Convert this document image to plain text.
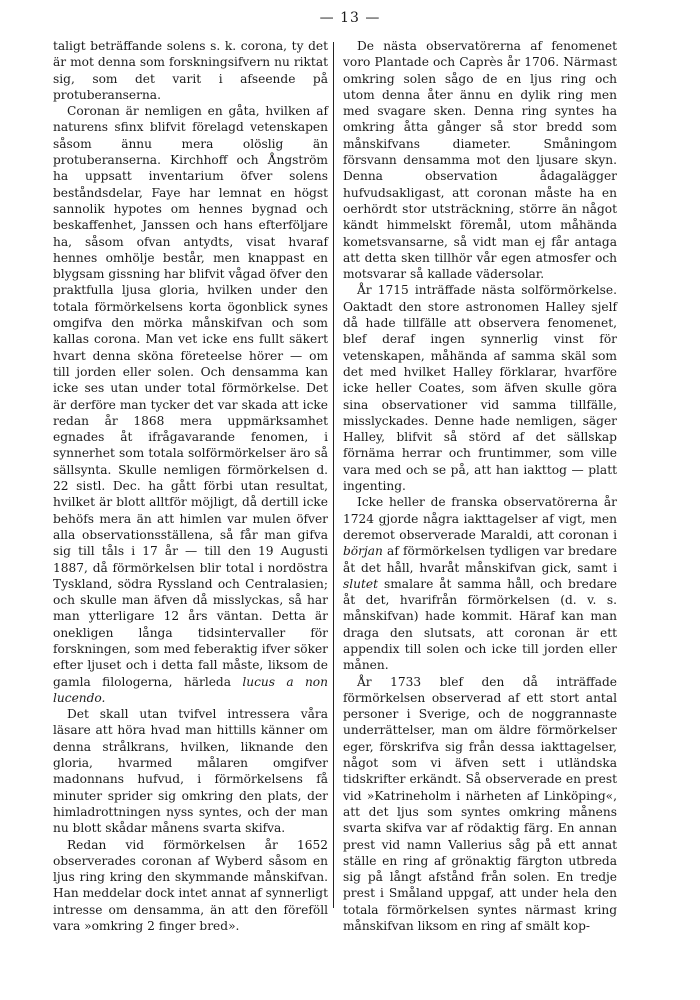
— 13 —

taligt beträffande solens s. k. corona, ty det är mot denna som forskningsifvern nu riktat sig, som det varit i afseende på protuberanserna.

Coronan är nemligen en gåta, hvilken af naturens sfinx blifvit förelagd vetenskapen såsom ännu mera olöslig än protuberanserna. Kirchhoff och Ångström ha uppsatt inventarium öfver solens beståndsdelar, Faye har lemnat en högst sannolik hypotes om hennes bygnad och beskaffenhet, Janssen och hans efterföljare ha, såsom ofvan antydts, visat hvaraf hennes omhölje består, men knappast en blygsam gissning har blifvit vågad öfver den praktfulla ljusa gloria, hvilken under den totala förmörkelsens korta ögonblick synes omgifva den mörka månskifvan och som kallas corona. Man vet icke ens fullt säkert hvart denna sköna företeelse hörer — om till jorden eller solen. Och densamma kan icke ses utan under total förmörkelse. Det är derföre man tycker det var skada att icke redan år 1868 mera uppmärksamhet egnades åt ifrågavarande fenomen, i synnerhet som totala solförmörkelser äro så sällsynta. Skulle nemligen förmörkelsen d. 22 sistl. Dec. ha gått förbi utan resultat, hvilket är blott alltför möjligt, då dertill icke behöfs mera än att himlen var mulen öfver alla observationsställena, så får man gifva sig till tåls i 17 år — till den 19 Augusti 1887, då förmörkelsen blir total i nordöstra Tyskland, södra Ryssland och Centralasien; och skulle man äfven då misslyckas, så har man ytterligare 12 års väntan. Detta är onekligen långa tidsintervaller för forskningen, som med feberaktig ifver söker efter ljuset och i detta fall måste, liksom de gamla filologerna, härleda lucus a non lucendo.

Det skall utan tvifvel intressera våra läsare att höra hvad man hittills känner om denna strålkrans, hvilken, liknande den gloria, hvarmed målaren omgifver madonnans hufvud, i förmörkelsens få minuter sprider sig omkring den plats, der himladrottningen nyss syntes, och der man nu blott skådar månens svarta skifva.

Redan vid förmörkelsen år 1652 observerades coronan af Wyberd såsom en ljus ring kring den skymmande månskifvan. Han meddelar dock intet annat af synnerligt intresse om densamma, än att den föreföll vara »omkring 2 finger bred».

De nästa observatörerna af fenomenet voro Plantade och Caprès år 1706. Närmast omkring solen sågo de en ljus ring och utom denna åter ännu en dylik ring men med svagare sken. Denna ring syntes ha omkring åtta gånger så stor bredd som månskifvans diameter. Småningom försvann densamma mot den ljusare skyn. Denna observation ådagalägger hufvudsakligast, att coronan måste ha en oerhördt stor utsträckning, större än något kändt himmelskt föremål, utom måhända kometsvansarne, så vidt man ej får antaga att detta sken tillhör vår egen atmosfer och motsvarar så kallade vädersolar.

År 1715 inträffade nästa solförmörkelse. Oaktadt den store astronomen Halley sjelf då hade tillfälle att observera fenomenet, blef deraf ingen synnerlig vinst för vetenskapen, måhända af samma skäl som det med hvilket Halley förklarar, hvarföre icke heller Coates, som äfven skulle göra sina observationer vid samma tillfälle, misslyckades. Denne hade nemligen, säger Halley, blifvit så störd af det sällskap förnäma herrar och fruntimmer, som ville vara med och se på, att han iakttog — platt ingenting.

Icke heller de franska observatörerna år 1724 gjorde några iakttagelser af vigt, men deremot observerade Maraldi, att coronan i början af förmörkelsen tydligen var bredare åt det håll, hvaråt månskifvan gick, samt i slutet smalare åt samma håll, och bredare åt det, hvarifrån förmörkelsen (d. v. s. månskifvan) hade kommit. Häraf kan man draga den slutsats, att coronan är ett appendix till solen och icke till jorden eller månen.

År 1733 blef den då inträffade förmörkelsen observerad af ett stort antal personer i Sverige, och de noggrannaste underrättelser, man om äldre förmörkelser eger, förskrifva sig från dessa iakttagelser, något som vi äfven sett i utländska tidskrifter erkändt. Så observerade en prest vid »Katrineholm i närheten af Linköping«, att det ljus som syntes omkring månens svarta skifva var af rödaktig färg. En annan prest vid namn Vallerius såg på ett annat ställe en ring af grönaktig färgton utbreda sig på långt afstånd från solen. En tredje prest i Småland uppgaf, att under hela den totala förmörkelsen syntes närmast kring månskifvan liksom en ring af smält kop-
